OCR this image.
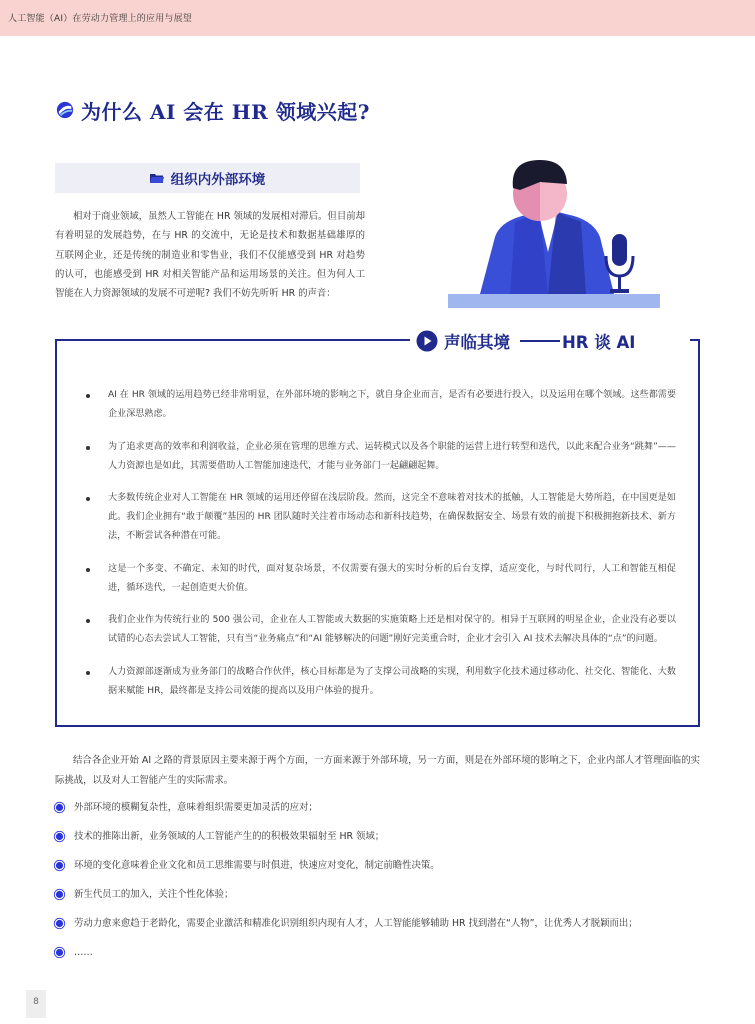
人工智能（AI）在劳动力管理上的应用与展望
为什么 AI 会在 HR 领域兴起?
组织内外部环境

相对于商业领域，虽然人工智能在 HR 领域的发展相对滞后。但目前却有着明显的发展趋势，在与 HR 的交流中，无论是技术和数据基础雄厚的互联网企业，还是传统的制造业和零售业，我们不仅能感受到 HR 对趋势的认可，也能感受到 HR 对相关智能产品和运用场景的关注。但为何人工智能在人力资源领域的发展不可逆呢? 我们不妨先听听 HR 的声音：

声临其境	HR 谈 AI
AI 在 HR 领域的运用趋势已经非常明显，在外部环境的影响之下，就自身企业而言，是否有必要进行投入，以及运用在哪个领域。这些都需要企业深思熟虑。
为了追求更高的效率和利润收益，企业必须在管理的思维方式、运转模式以及各个职能的运营上进行转型和迭代，以此来配合业务“跳舞”——人力资源也是如此，其需要借助人工智能加速迭代，才能与业务部门一起翩翩起舞。
大多数传统企业对人工智能在 HR 领域的运用还停留在浅层阶段。然而，这完全不意味着对技术的抵触，人工智能是大势所趋，在中国更是如此。我们企业拥有“敢于颠覆”基因的 HR 团队随时关注着市场动态和新科技趋势，在确保数据安全、场景有效的前提下积极拥抱新技术、新方法，不断尝试各种潜在可能。
这是一个多变、不确定、未知的时代，面对复杂场景，不仅需要有强大的实时分析的后台支撑，适应变化，与时代同行，人工和智能互相促进，循环迭代，一起创造更大价值。
我们企业作为传统行业的 500 强公司，企业在人工智能或大数据的实施策略上还是相对保守的。相异于互联网的明星企业，企业没有必要以试错的心态去尝试人工智能，只有当“业务痛点”和“AI 能够解决的问题”刚好完美重合时，企业才会引入 AI 技术去解决具体的“点”的问题。
人力资源部逐渐成为业务部门的战略合作伙伴，核心目标都是为了支撑公司战略的实现，利用数字化技术通过移动化、社交化、智能化、大数据来赋能 HR，最终都是支持公司效能的提高以及用户体验的提升。

结合各企业开始 AI 之路的背景原因主要来源于两个方面，一方面来源于外部环境，另一方面，则是在外部环境的影响之下，企业内部人才管理面临的实际挑战，以及对人工智能产生的实际需求。

外部环境的模糊复杂性，意味着组织需要更加灵活的应对；
技术的推陈出新，业务领域的人工智能产生的的积极效果辐射至 HR 领域；
环境的变化意味着企业文化和员工思维需要与时俱进，快速应对变化，制定前瞻性决策。
新生代员工的加入，关注个性化体验；
劳动力愈来愈趋于老龄化，需要企业激活和精准化识别组织内现有人才，人工智能能够辅助 HR 找到潜在“人物”，让优秀人才脱颖而出；
……
8
